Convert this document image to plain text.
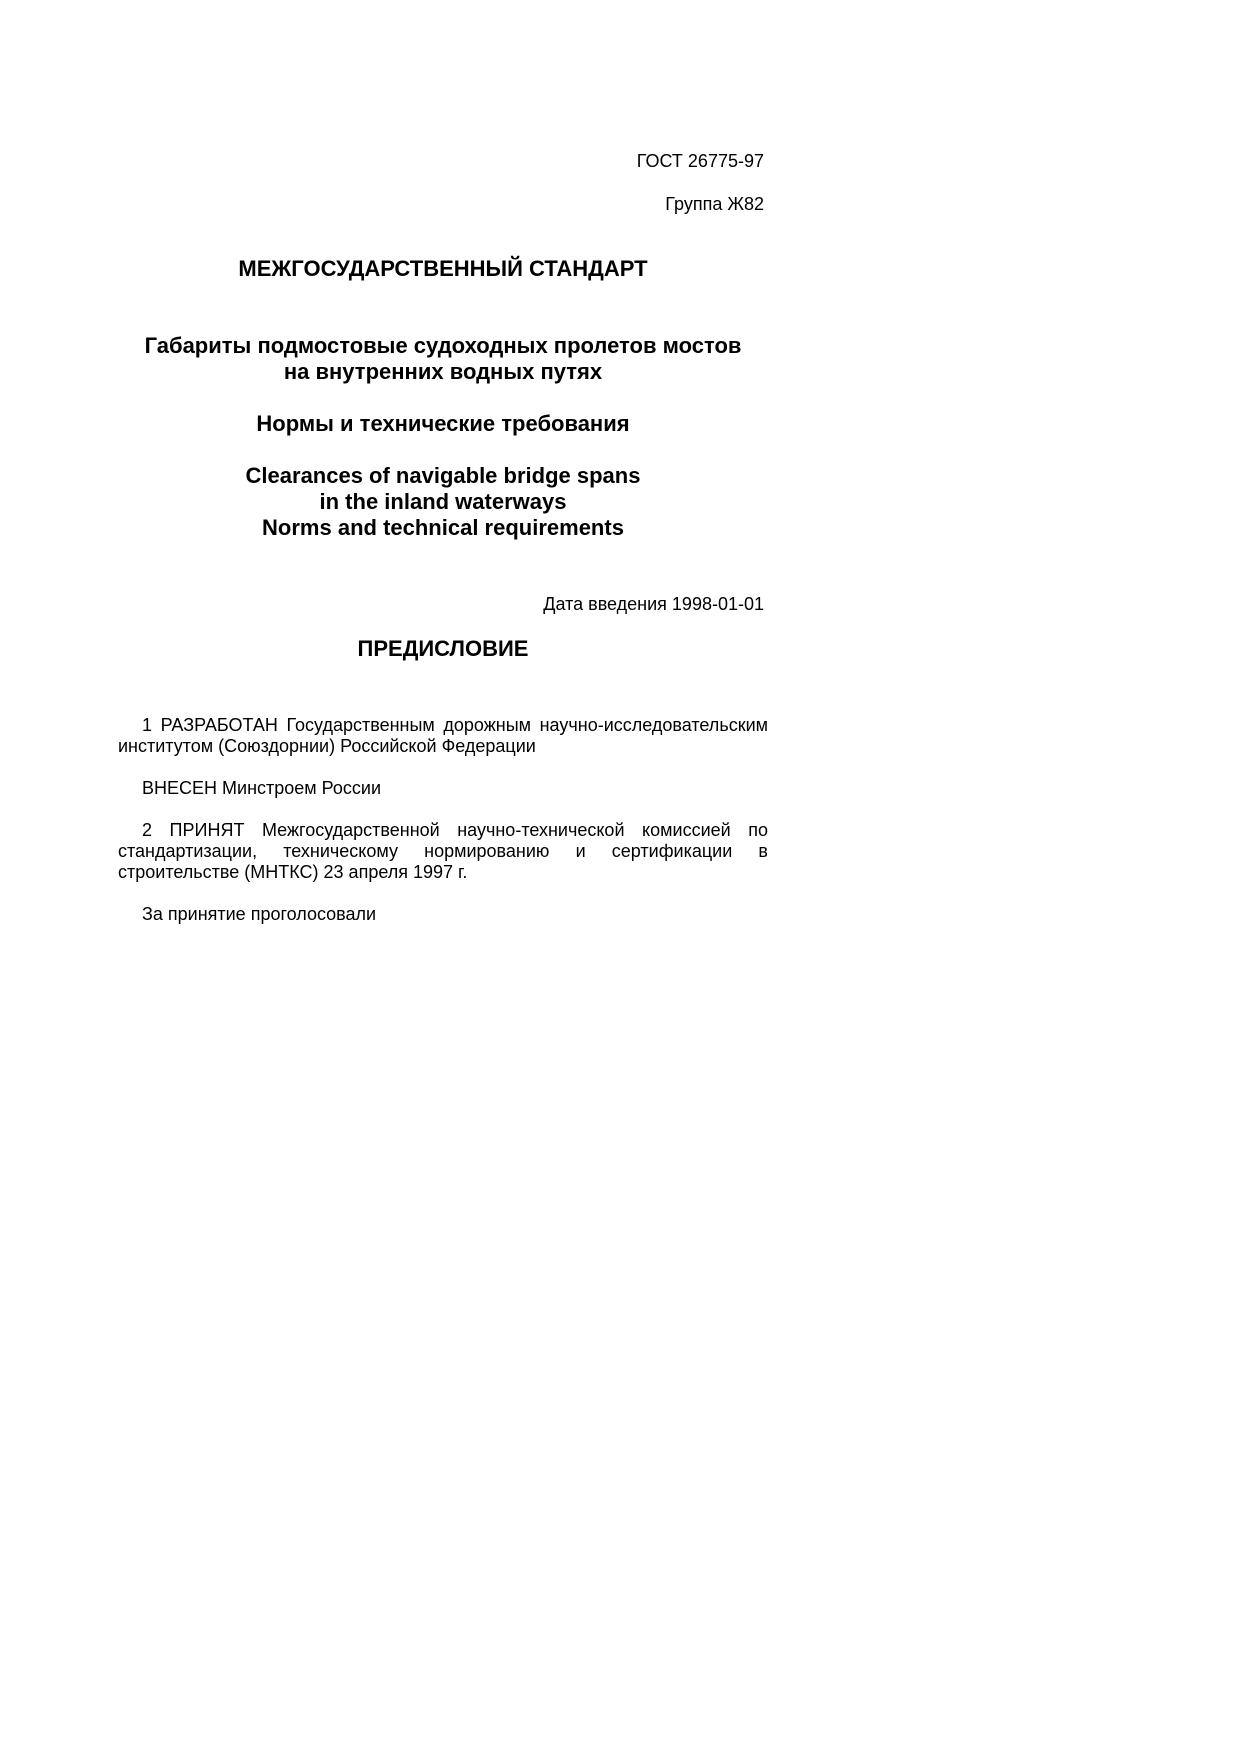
ГОСТ 26775-97
Группа Ж82
МЕЖГОСУДАРСТВЕННЫЙ СТАНДАРТ
Габариты подмостовые судоходных пролетов мостов
на внутренних водных путях
Нормы и технические требования
Clearances of navigable bridge spans
in the inland waterways
Norms and technical requirements
Дата введения 1998-01-01
ПРЕДИСЛОВИЕ

1 РАЗРАБОТАН Государственным дорожным научно-исследовательским институтом (Союздорнии) Российской Федерации

ВНЕСЕН Минстроем России

2 ПРИНЯТ Межгосударственной научно-технической комиссией по стандартизации, техническому нормированию и сертификации в строительстве (МНТКС) 23 апреля 1997 г.

За принятие проголосовали
